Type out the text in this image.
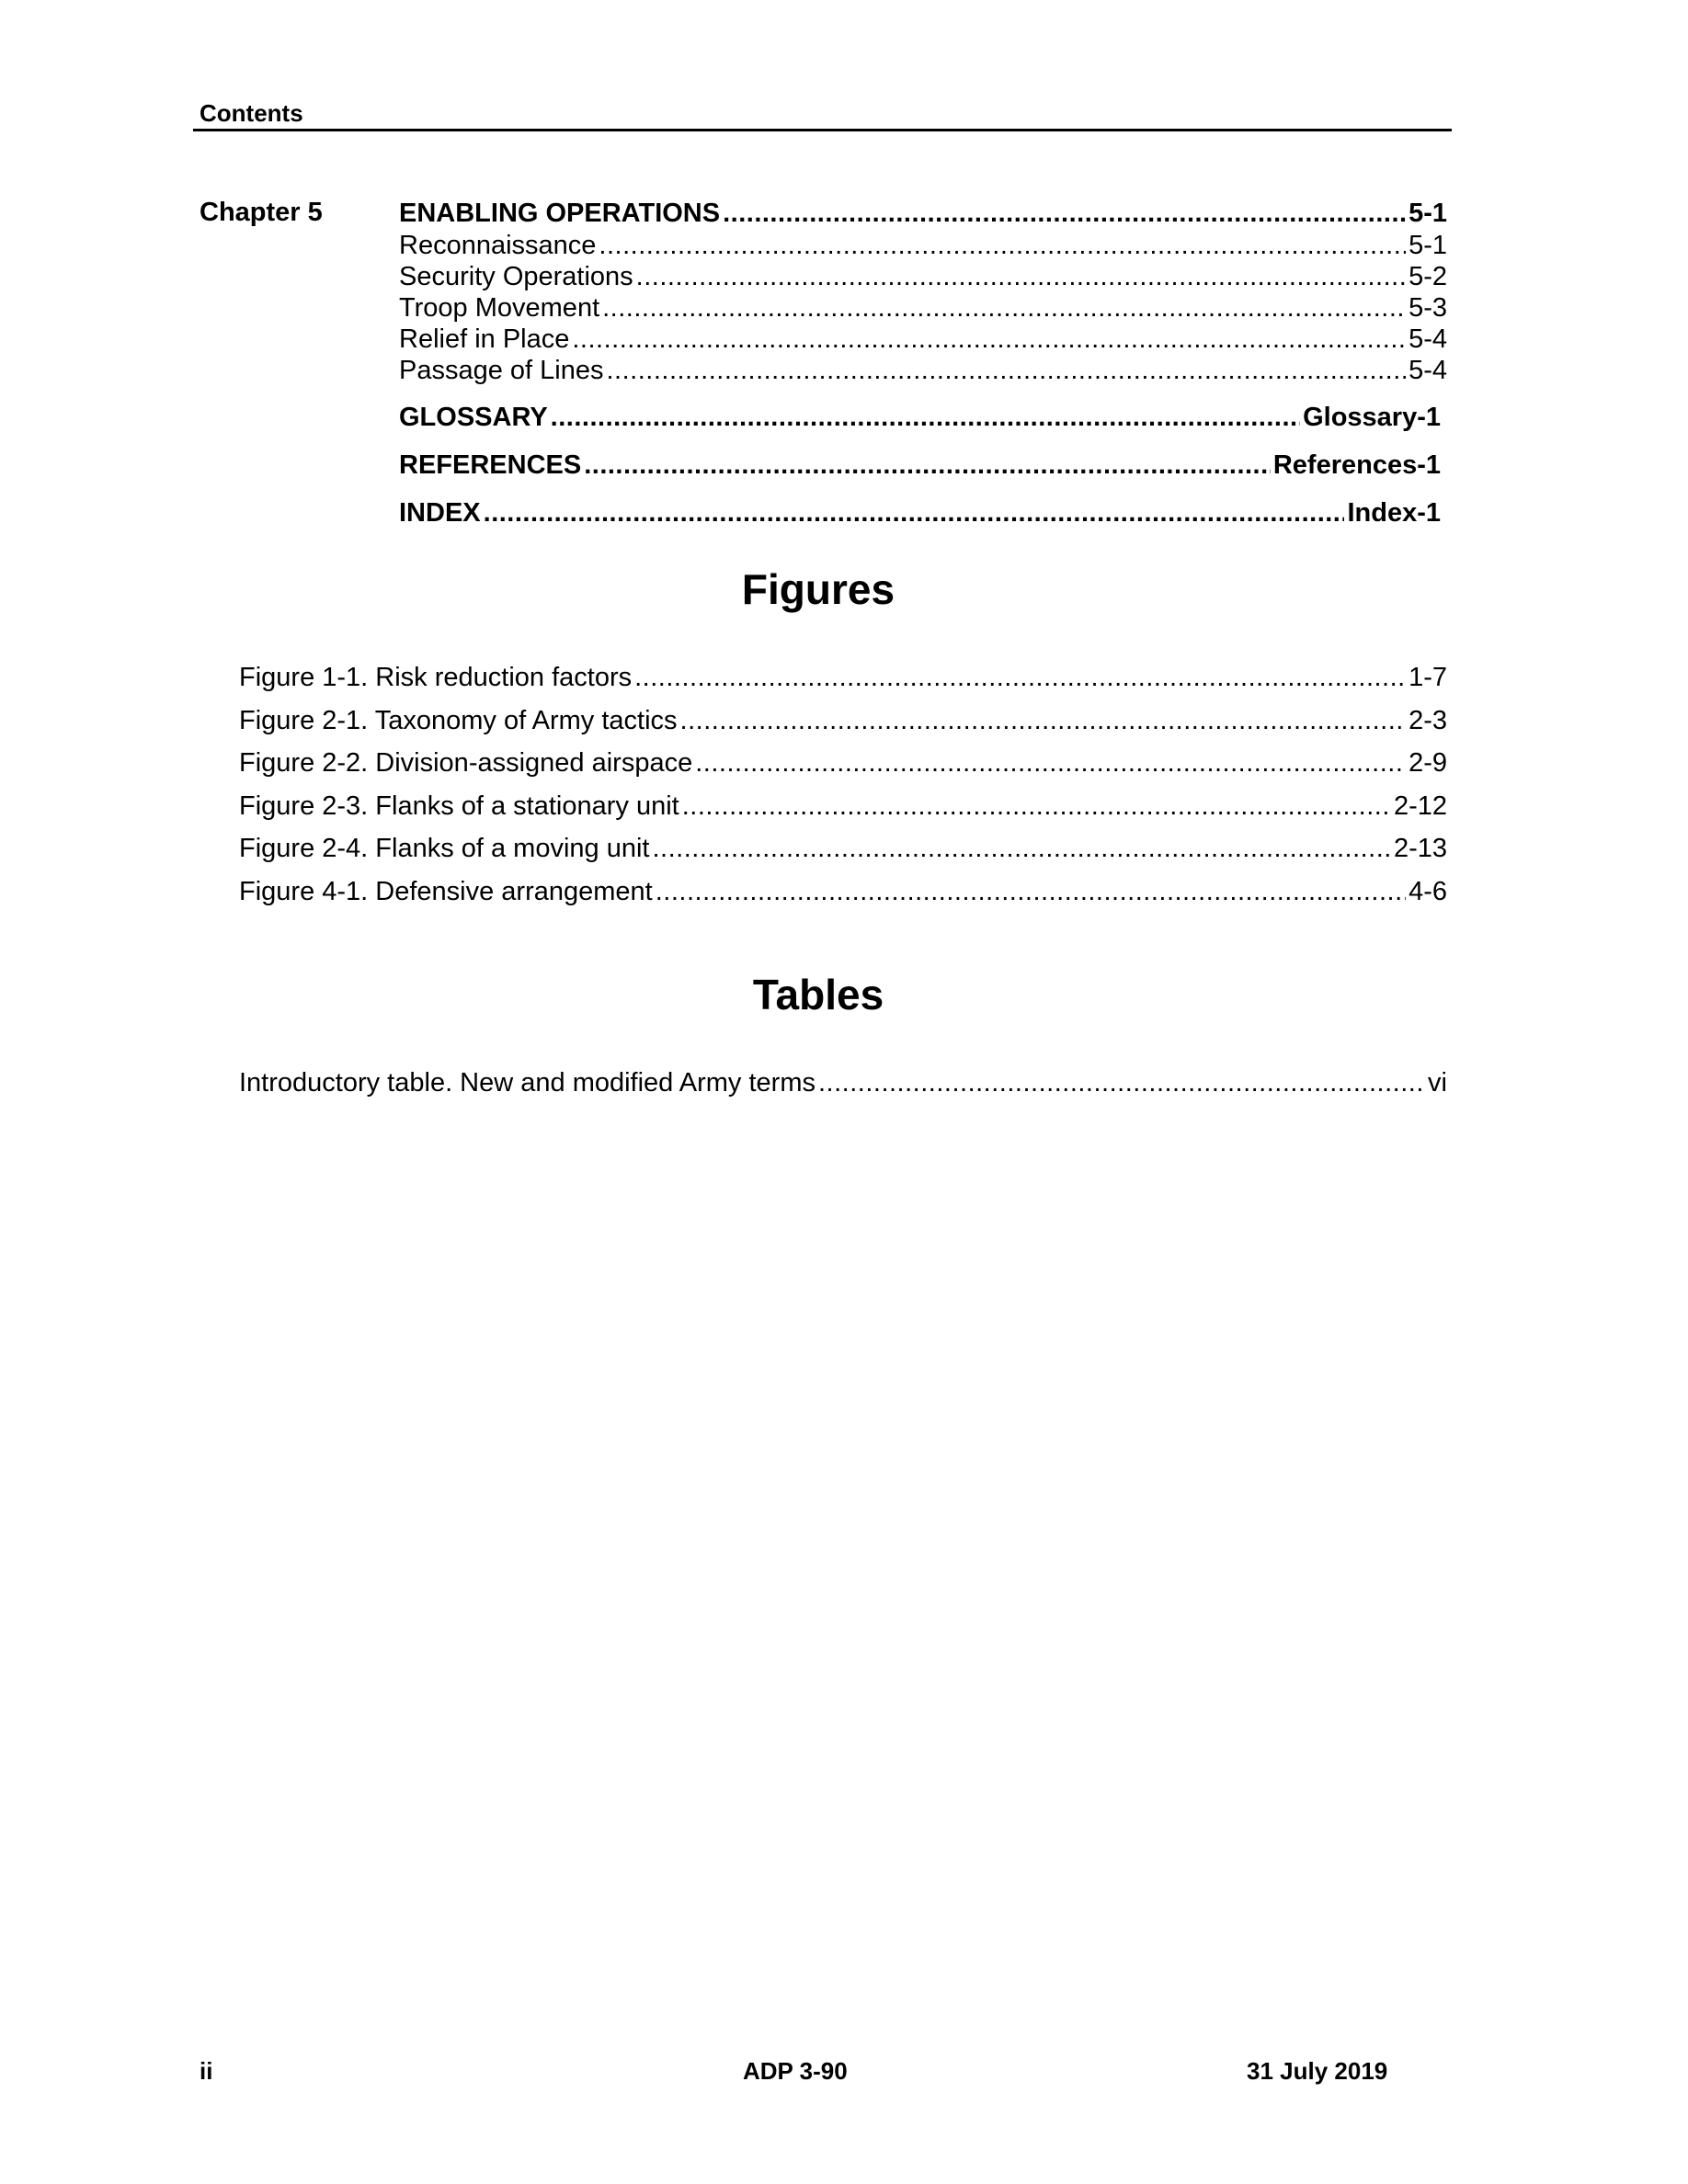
Contents
Chapter 5	ENABLING OPERATIONS .....	5-1
Reconnaissance .....	5-1
Security Operations .....	5-2
Troop Movement .....	5-3
Relief in Place .....	5-4
Passage of Lines .....	5-4
GLOSSARY .....	Glossary-1
REFERENCES .....	References-1
INDEX .....	Index-1
Figures
Figure 1-1. Risk reduction factors .....	1-7
Figure 2-1. Taxonomy of Army tactics .....	2-3
Figure 2-2. Division-assigned airspace .....	2-9
Figure 2-3. Flanks of a stationary unit .....	2-12
Figure 2-4. Flanks of a moving unit .....	2-13
Figure 4-1. Defensive arrangement .....	4-6
Tables
Introductory table. New and modified Army terms .....	vi
ii	ADP 3-90	31 July 2019
